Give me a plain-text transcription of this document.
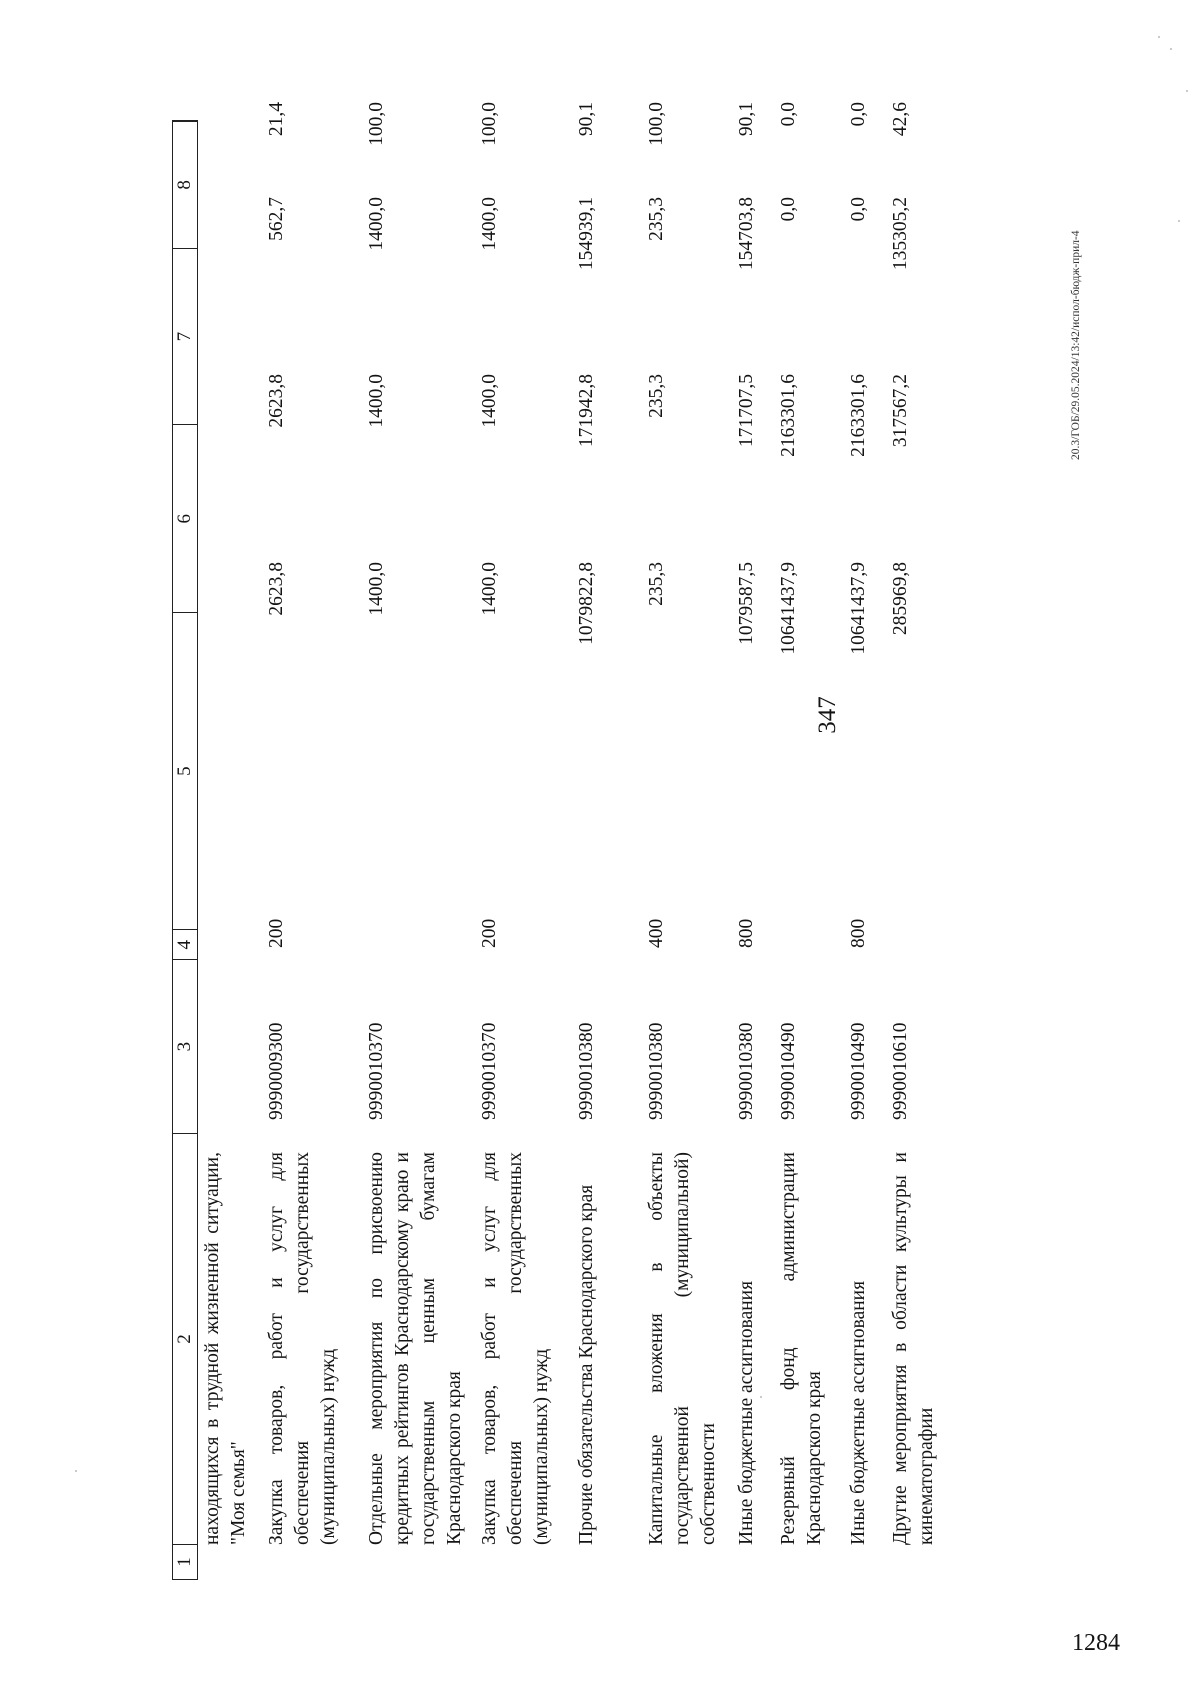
347
1
2
3
4
5
6
7
8
находящихся в трудной жизненной ситуации, "Моя семья" Закупка товаров, работ и услуг для обеспечения государственных (муниципальных) нужд
9990009300
200
2623,8
2623,8
562,7
21,4
Отдельные мероприятия по присвоению кредитных рейтингов Краснодарскому краю и государственным ценным бумагам Краснодарского края
9990010370
1400,0
1400,0
1400,0
100,0
Закупка товаров, работ и услуг для обеспечения государственных (муниципальных) нужд
9990010370
200
1400,0
1400,0
1400,0
100,0
Прочие обязательства Краснодарского края
9990010380
1079822,8
171942,8
154939,1
90,1
Капитальные вложения в объекты государственной (муниципальной) собственности
9990010380
400
235,3
235,3
235,3
100,0
Иные бюджетные ассигнования
9990010380
800
1079587,5
171707,5
154703,8
90,1
Резервный фонд администрации Краснодарского края
9990010490
10641437,9
2163301,6
0,0
0,0
Иные бюджетные ассигнования
9990010490
800
10641437,9
2163301,6
0,0
0,0
Другие мероприятия в области культуры и кинематографии
9990010610
285969,8
317567,2
135305,2
42,6
20.3/ГОБ/29.05.2024/13:42/испол-бюдж-прил-4
1284
